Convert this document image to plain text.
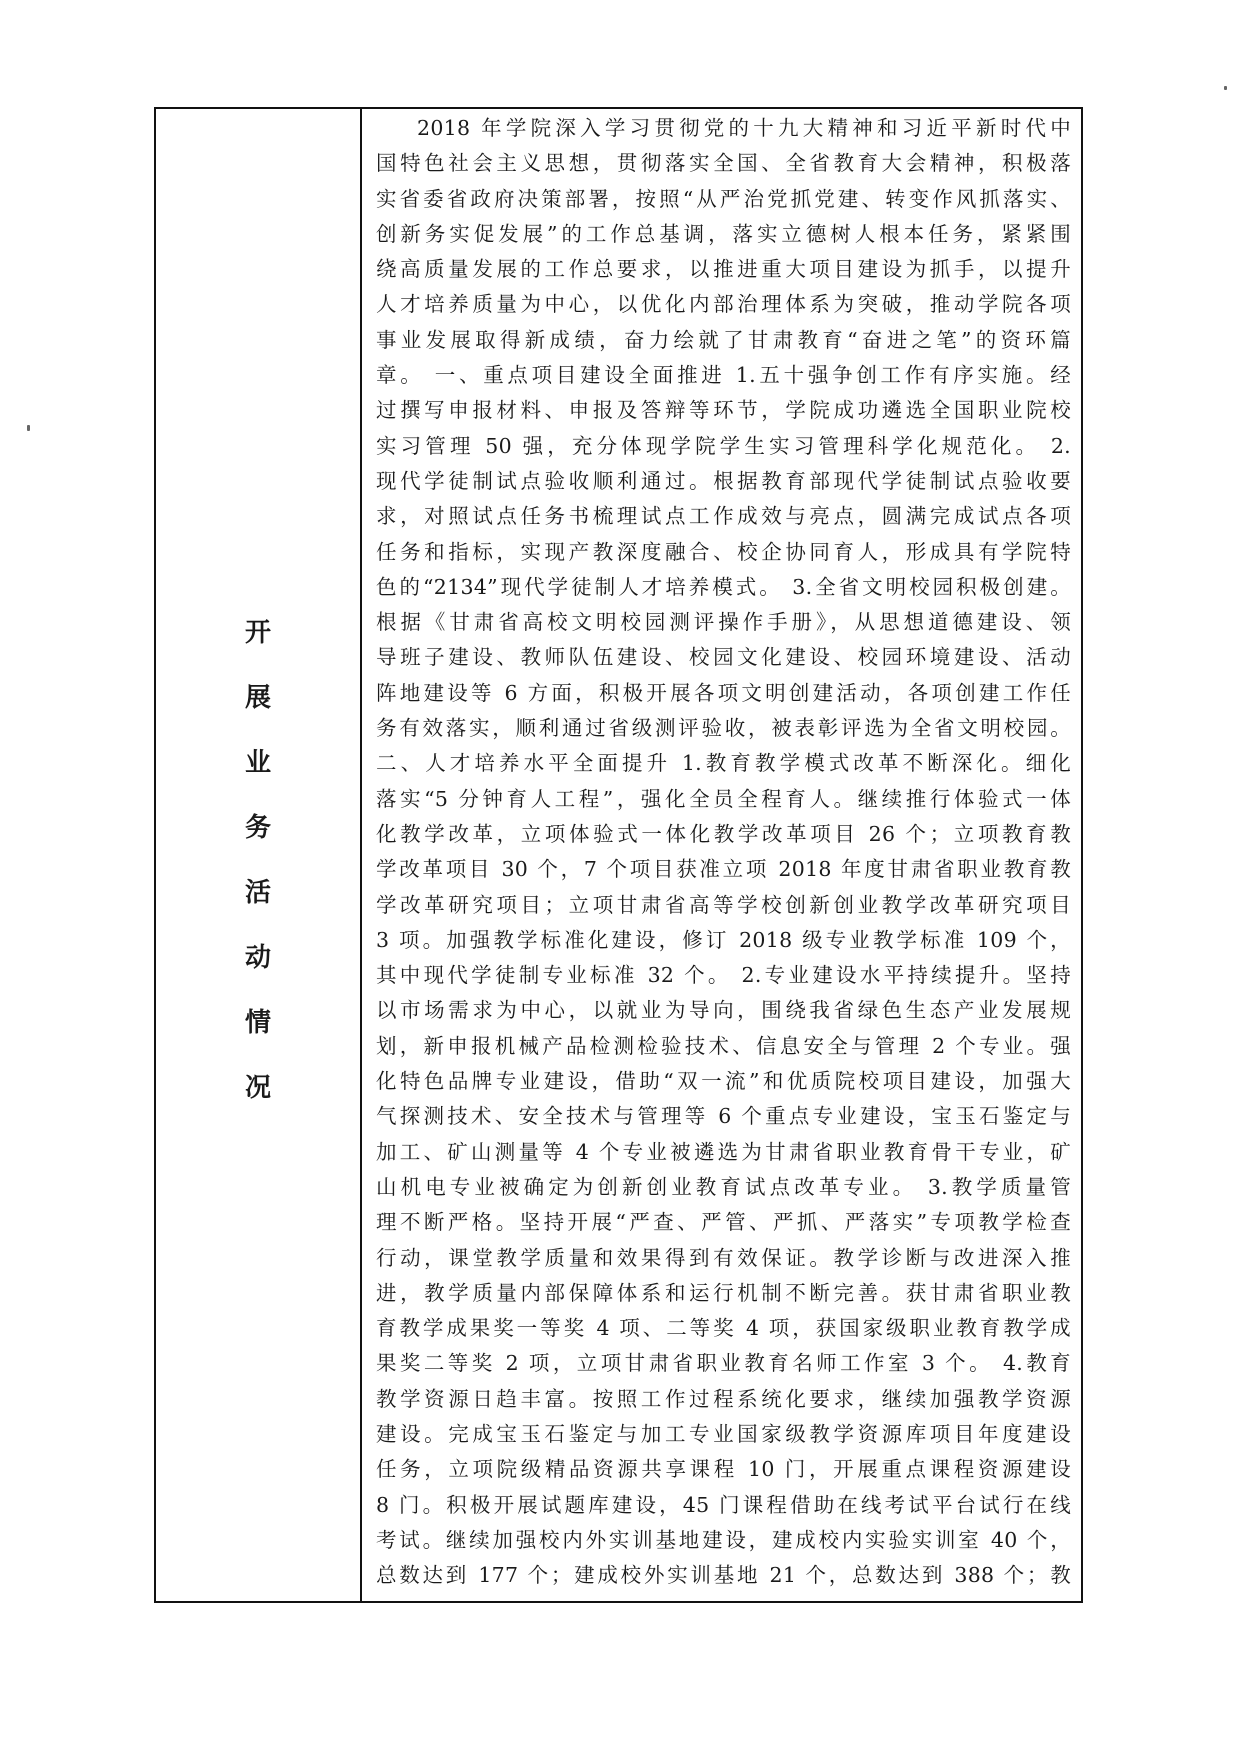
开
展
业
务
活
动
情
况
2018 年学院深入学习贯彻党的十九大精神和习近平新时代中
国特色社会主义思想，贯彻落实全国、全省教育大会精神，积极落
实省委省政府决策部署，按照“从严治党抓党建、转变作风抓落实、
创新务实促发展”的工作总基调，落实立德树人根本任务，紧紧围
绕高质量发展的工作总要求，以推进重大项目建设为抓手，以提升
人才培养质量为中心，以优化内部治理体系为突破，推动学院各项
事业发展取得新成绩，奋力绘就了甘肃教育“奋进之笔”的资环篇
章。 一、重点项目建设全面推进 1.五十强争创工作有序实施。经
过撰写申报材料、申报及答辩等环节，学院成功遴选全国职业院校
实习管理 50 强，充分体现学院学生实习管理科学化规范化。 2.
现代学徒制试点验收顺利通过。根据教育部现代学徒制试点验收要
求，对照试点任务书梳理试点工作成效与亮点，圆满完成试点各项
任务和指标，实现产教深度融合、校企协同育人，形成具有学院特
色的“2134”现代学徒制人才培养模式。 3.全省文明校园积极创建。
根据《甘肃省高校文明校园测评操作手册》，从思想道德建设、领
导班子建设、教师队伍建设、校园文化建设、校园环境建设、活动
阵地建设等 6 方面，积极开展各项文明创建活动，各项创建工作任
务有效落实，顺利通过省级测评验收，被表彰评选为全省文明校园。
二、人才培养水平全面提升 1.教育教学模式改革不断深化。细化
落实“5 分钟育人工程”，强化全员全程育人。继续推行体验式一体
化教学改革，立项体验式一体化教学改革项目 26 个；立项教育教
学改革项目 30 个，7 个项目获准立项 2018 年度甘肃省职业教育教
学改革研究项目；立项甘肃省高等学校创新创业教学改革研究项目
3 项。加强教学标准化建设，修订 2018 级专业教学标准 109 个，
其中现代学徒制专业标准 32 个。 2.专业建设水平持续提升。坚持
以市场需求为中心，以就业为导向，围绕我省绿色生态产业发展规
划，新申报机械产品检测检验技术、信息安全与管理 2 个专业。强
化特色品牌专业建设，借助“双一流”和优质院校项目建设，加强大
气探测技术、安全技术与管理等 6 个重点专业建设，宝玉石鉴定与
加工、矿山测量等 4 个专业被遴选为甘肃省职业教育骨干专业，矿
山机电专业被确定为创新创业教育试点改革专业。 3.教学质量管
理不断严格。坚持开展“严查、严管、严抓、严落实”专项教学检查
行动，课堂教学质量和效果得到有效保证。教学诊断与改进深入推
进，教学质量内部保障体系和运行机制不断完善。获甘肃省职业教
育教学成果奖一等奖 4 项、二等奖 4 项，获国家级职业教育教学成
果奖二等奖 2 项，立项甘肃省职业教育名师工作室 3 个。 4.教育
教学资源日趋丰富。按照工作过程系统化要求，继续加强教学资源
建设。完成宝玉石鉴定与加工专业国家级教学资源库项目年度建设
任务，立项院级精品资源共享课程 10 门，开展重点课程资源建设
8 门。积极开展试题库建设，45 门课程借助在线考试平台试行在线
考试。继续加强校内外实训基地建设，建成校内实验实训室 40 个，
总数达到 177 个；建成校外实训基地 21 个，总数达到 388 个；教
